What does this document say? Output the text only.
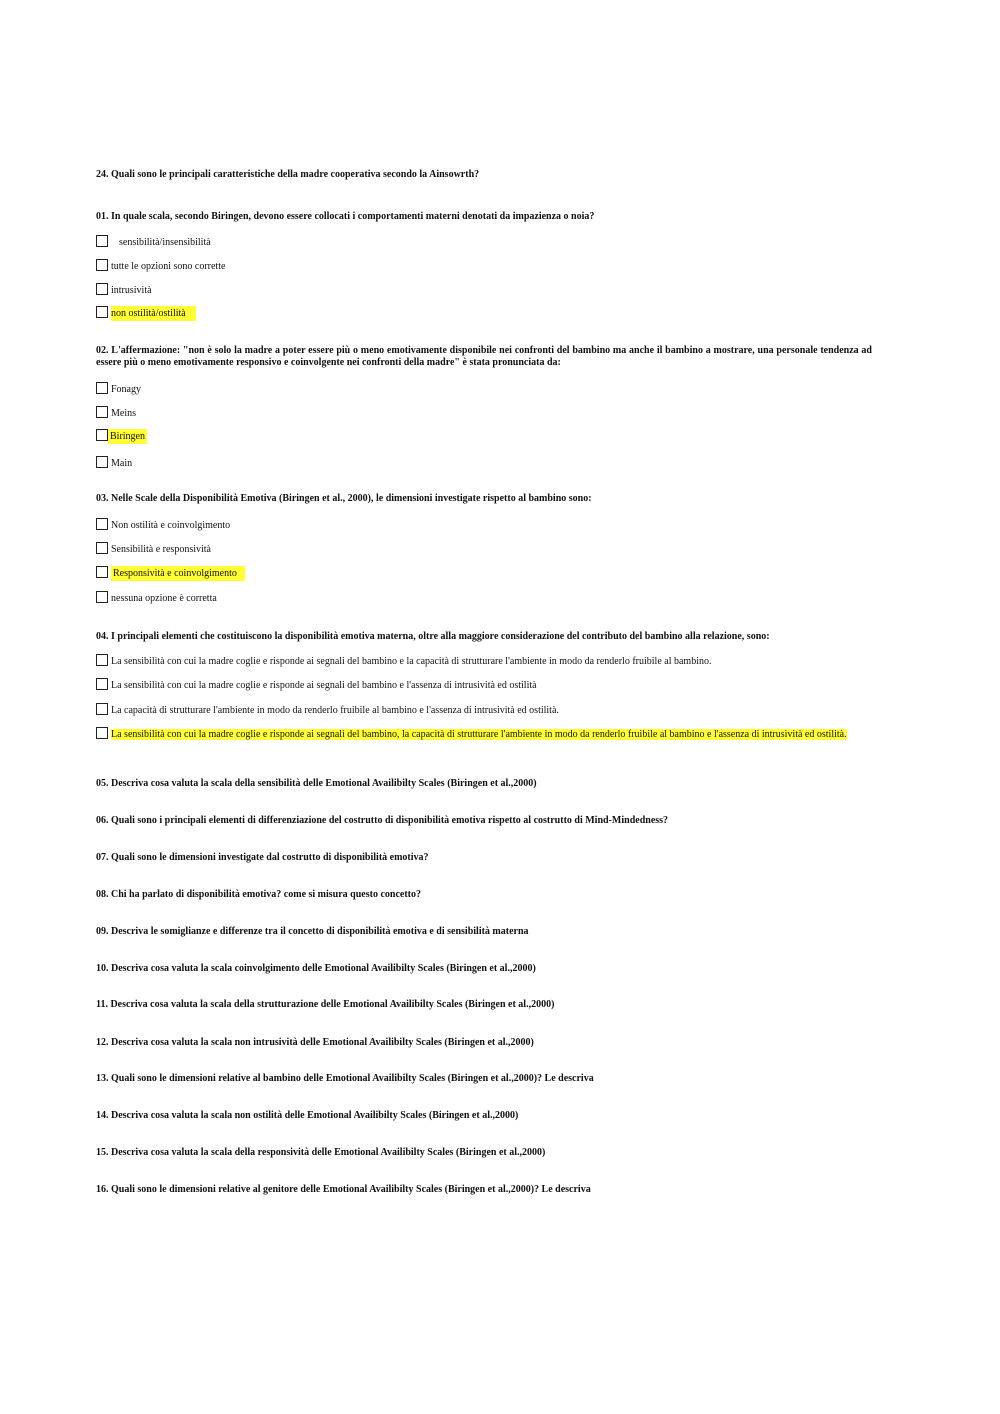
24. Quali sono le principali caratteristiche della madre cooperativa secondo la Ainsowrth?
01. In quale scala, secondo Biringen, devono essere collocati i comportamenti materni denotati da impazienza o noia?
sensibilità/insensibilità
tutte le opzioni sono corrette
intrusività
non ostilità/ostilità
02. L'affermazione: "non è solo la madre a poter essere più o meno emotivamente disponibile nei confronti del bambino ma anche il bambino a mostrare, una personale tendenza ad essere più o meno emotivamente responsivo e coinvolgente nei confronti della madre" è stata pronunciata da:
Fonagy
Meins
Biringen
Main
03. Nelle Scale della Disponibilità Emotiva (Biringen et al., 2000), le dimensioni investigate rispetto al bambino sono:
Non ostilità e coinvolgimento
Sensibilità e responsività
Responsività e coinvolgimento
nessuna opzione è corretta
04. I principali elementi che costituiscono la disponibilità emotiva materna, oltre alla maggiore considerazione del contributo del bambino alla relazione, sono:
La sensibilità con cui la madre coglie e risponde ai segnali del bambino e la capacità di strutturare l'ambiente in modo da renderlo fruibile al bambino.
La sensibilità con cui la madre coglie e risponde ai segnali del bambino e l'assenza di intrusività ed ostilità
La capacità di strutturare l'ambiente in modo da renderlo fruibile al bambino e l'assenza di intrusività ed ostilità.
La sensibilità con cui la madre coglie e risponde ai segnali del bambino, la capacità di strutturare l'ambiente in modo da renderlo fruibile al bambino e l'assenza di intrusività ed ostilità.
05. Descriva cosa valuta la scala della sensibilità delle Emotional Availibilty Scales (Biringen et al.,2000)
06. Quali sono i principali elementi di differenziazione del costrutto di disponibilità emotiva rispetto al costrutto di Mind-Mindedness?
07. Quali sono le dimensioni investigate dal costrutto di disponibilità emotiva?
08. Chi ha parlato di disponibilità emotiva? come si misura questo concetto?
09. Descriva le somiglianze e differenze tra il concetto di disponibilità emotiva e di sensibilità materna
10. Descriva cosa valuta la scala coinvolgimento delle Emotional Availibilty Scales (Biringen et al.,2000)
11. Descriva cosa valuta la scala della strutturazione delle Emotional Availibilty Scales (Biringen et al.,2000)
12. Descriva cosa valuta la scala non intrusività delle Emotional Availibilty Scales (Biringen et al.,2000)
13. Quali sono le dimensioni relative al bambino delle Emotional Availibilty Scales (Biringen et al.,2000)? Le descriva
14. Descriva cosa valuta la scala non ostilità delle Emotional Availibilty Scales (Biringen et al.,2000)
15. Descriva cosa valuta la scala della responsività delle Emotional Availibilty Scales (Biringen et al.,2000)
16. Quali sono le dimensioni relative al genitore delle Emotional Availibilty Scales (Biringen et al.,2000)? Le descriva
